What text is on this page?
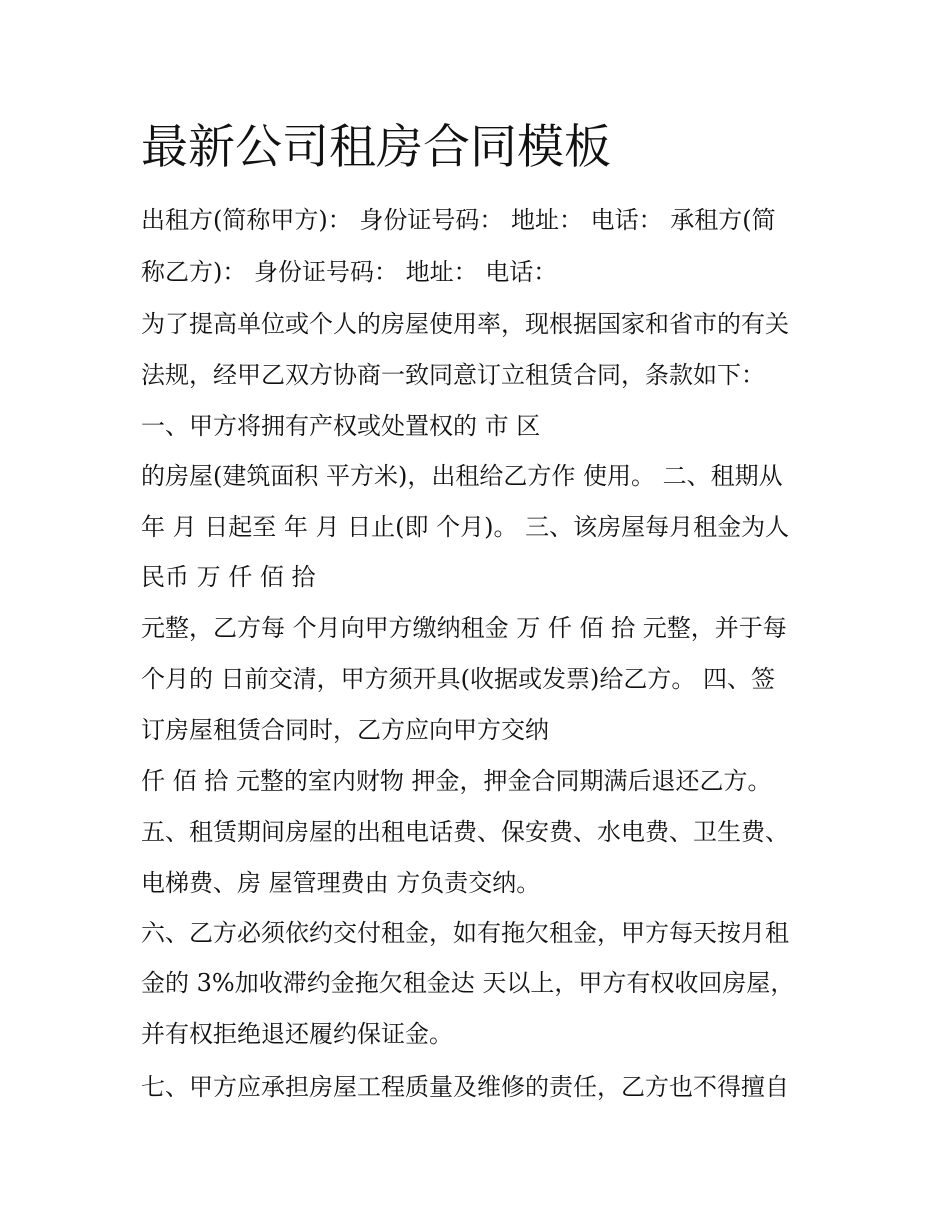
最新公司租房合同模板
出租方(简称甲方)： 身份证号码： 地址： 电话： 承租方(简
称乙方)： 身份证号码： 地址： 电话：
为了提高单位或个人的房屋使用率，现根据国家和省市的有关
法规，经甲乙双方协商一致同意订立租赁合同，条款如下：
一、甲方将拥有产权或处置权的 市 区
的房屋(建筑面积 平方米)，出租给乙方作 使用。 二、租期从
年 月 日起至 年 月 日止(即 个月)。 三、该房屋每月租金为人
民币 万 仟 佰 拾
元整，乙方每 个月向甲方缴纳租金 万 仟 佰 拾 元整，并于每
个月的 日前交清，甲方须开具(收据或发票)给乙方。 四、签
订房屋租赁合同时，乙方应向甲方交纳
仟 佰 拾 元整的室内财物 押金，押金合同期满后退还乙方。
五、租赁期间房屋的出租电话费、保安费、水电费、卫生费、
电梯费、房 屋管理费由 方负责交纳。
六、乙方必须依约交付租金，如有拖欠租金，甲方每天按月租
金的 3%加收滞约金拖欠租金达 天以上，甲方有权收回房屋，
并有权拒绝退还履约保证金。
七、甲方应承担房屋工程质量及维修的责任，乙方也不得擅自
